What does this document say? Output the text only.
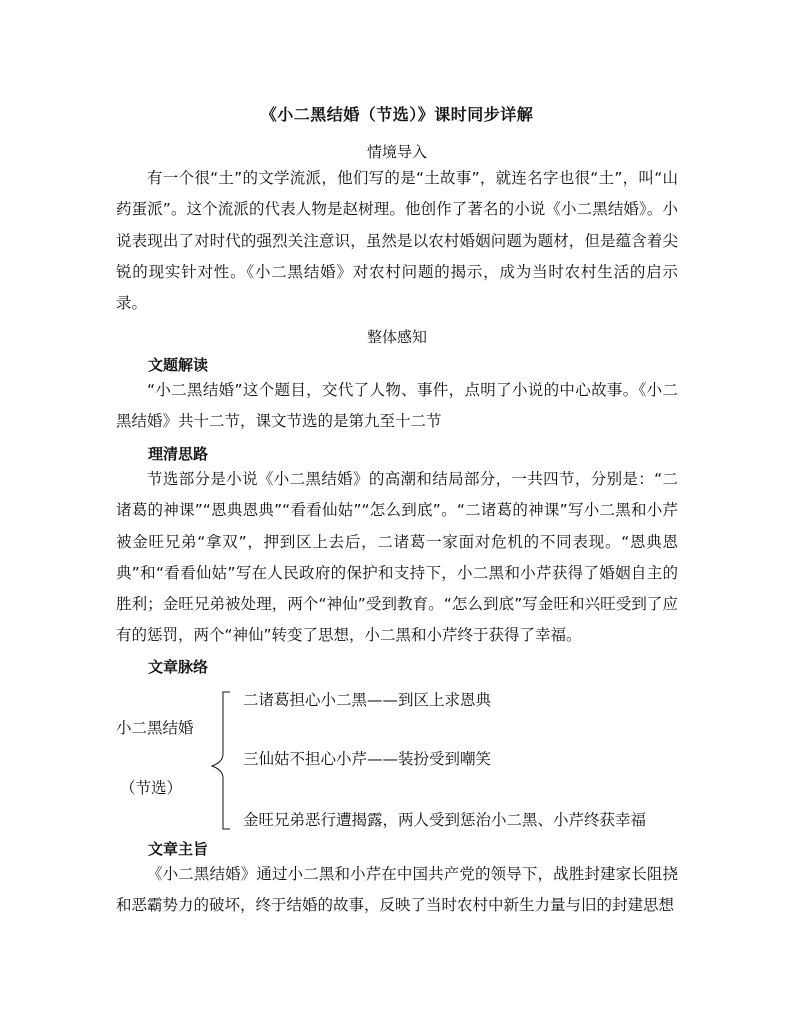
《小二黑结婚（节选）》课时同步详解
情境导入

有一个很“土”的文学流派，他们写的是“土故事”，就连名字也很“土”，叫“山药蛋派”。这个流派的代表人物是赵树理。他创作了著名的小说《小二黑结婚》。小说表现出了对时代的强烈关注意识，虽然是以农村婚姻问题为题材，但是蕴含着尖锐的现实针对性。《小二黑结婚》对农村问题的揭示，成为当时农村生活的启示录。

整体感知
文题解读

“小二黑结婚”这个题目，交代了人物、事件，点明了小说的中心故事。《小二黑结婚》共十二节，课文节选的是第九至十二节

理清思路

节选部分是小说《小二黑结婚》的高潮和结局部分，一共四节，分别是：“二诸葛的神课”“恩典恩典”“看看仙姑”“怎么到底”。“二诸葛的神课”写小二黑和小芹被金旺兄弟“拿双”，押到区上去后，二诸葛一家面对危机的不同表现。“恩典恩典”和“看看仙姑”写在人民政府的保护和支持下，小二黑和小芹获得了婚姻自主的胜利；金旺兄弟被处理，两个“神仙”受到教育。“怎么到底”写金旺和兴旺受到了应有的惩罚，两个“神仙”转变了思想，小二黑和小芹终于获得了幸福。

文章脉络
小二黑结婚
（节选）
二诸葛担心小二黑——到区上求恩典
三仙姑不担心小芹——装扮受到嘲笑
金旺兄弟恶行遭揭露，两人受到惩治小二黑、小芹终获幸福
文章主旨

《小二黑结婚》通过小二黑和小芹在中国共产党的领导下，战胜封建家长阻挠和恶霸势力的破坏，终于结婚的故事，反映了当时农村中新生力量与旧的封建思想
